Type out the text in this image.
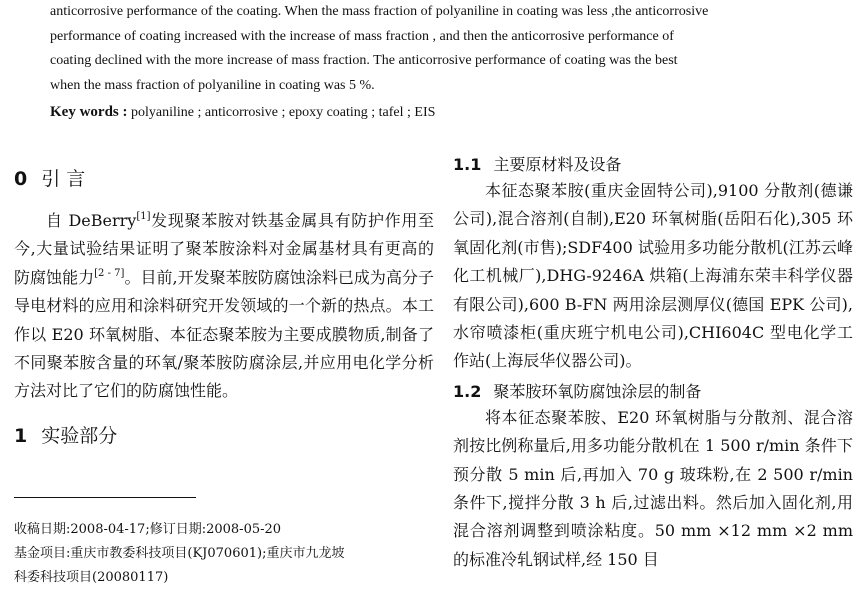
anticorrosive performance of the coating. When the mass fraction of polyaniline in coating was less ,the anticorrosive

performance of coating increased with the increase of mass fraction , and then the anticorrosive performance of

coating declined with the more increase of mass fraction. The anticorrosive performance of coating was the best

when the mass fraction of polyaniline in coating was 5 %.

Key words : polyaniline ; anticorrosive ; epoxy coating ; tafel ; EIS
0 引 言

自 DeBerry[1]发现聚苯胺对铁基金属具有防护作用至今,大量试验结果证明了聚苯胺涂料对金属基材具有更高的防腐蚀能力[2 - 7]。目前,开发聚苯胺防腐蚀涂料已成为高分子导电材料的应用和涂料研究开发领域的一个新的热点。本工作以 E20 环氧树脂、本征态聚苯胺为主要成膜物质,制备了不同聚苯胺含量的环氧/聚苯胺防腐涂层,并应用电化学分析方法对比了它们的防腐蚀性能。

1 实验部分

收稿日期:2008-04-17;修订日期:2008-05-20

基金项目:重庆市教委科技项目(KJ070601);重庆市九龙坡

科委科技项目(20080117)

1.1 主要原材料及设备

本征态聚苯胺(重庆金固特公司),9100 分散剂(德谦公司),混合溶剂(自制),E20 环氧树脂(岳阳石化),305 环氧固化剂(市售);SDF400 试验用多功能分散机(江苏云峰化工机械厂),DHG-9246A 烘箱(上海浦东荣丰科学仪器有限公司),600 B-FN 两用涂层测厚仪(德国 EPK 公司),水帘喷漆柜(重庆班宁机电公司),CHI604C 型电化学工作站(上海辰华仪器公司)。

1.2 聚苯胺环氧防腐蚀涂层的制备

将本征态聚苯胺、E20 环氧树脂与分散剂、混合溶剂按比例称量后,用多功能分散机在 1 500 r/min 条件下预分散 5 min 后,再加入 70 g 玻珠粉,在 2 500 r/min条件下,搅拌分散 3 h 后,过滤出料。然后加入固化剂,用混合溶剂调整到喷涂粘度。50 mm ×12 mm ×2 mm 的标准冷轧钢试样,经 150 目
